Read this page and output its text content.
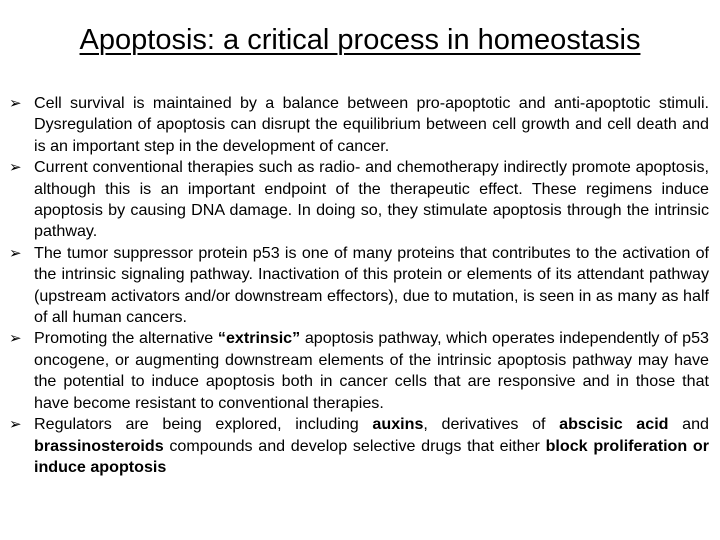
Apoptosis: a critical process in homeostasis
➢ Cell survival is maintained by a balance between pro-apoptotic and anti-apoptotic stimuli. Dysregulation of apoptosis can disrupt the equilibrium between cell growth and cell death and is an important step in the development of cancer.
➢ Current conventional therapies such as radio- and chemotherapy indirectly promote apoptosis, although this is an important endpoint of the therapeutic effect. These regimens induce apoptosis by causing DNA damage. In doing so, they stimulate apoptosis through the intrinsic pathway.
➢ The tumor suppressor protein p53 is one of many proteins that contributes to the activation of the intrinsic signaling pathway. Inactivation of this protein or elements of its attendant pathway (upstream activators and/or downstream effectors), due to mutation, is seen in as many as half of all human cancers.
➢ Promoting the alternative “extrinsic” apoptosis pathway, which operates independently of p53 oncogene, or augmenting downstream elements of the intrinsic apoptosis pathway may have the potential to induce apoptosis both in cancer cells that are responsive and in those that have become resistant to conventional therapies.
➢ Regulators are being explored, including auxins, derivatives of abscisic acid and brassinosteroids compounds and develop selective drugs that either block proliferation or induce apoptosis
